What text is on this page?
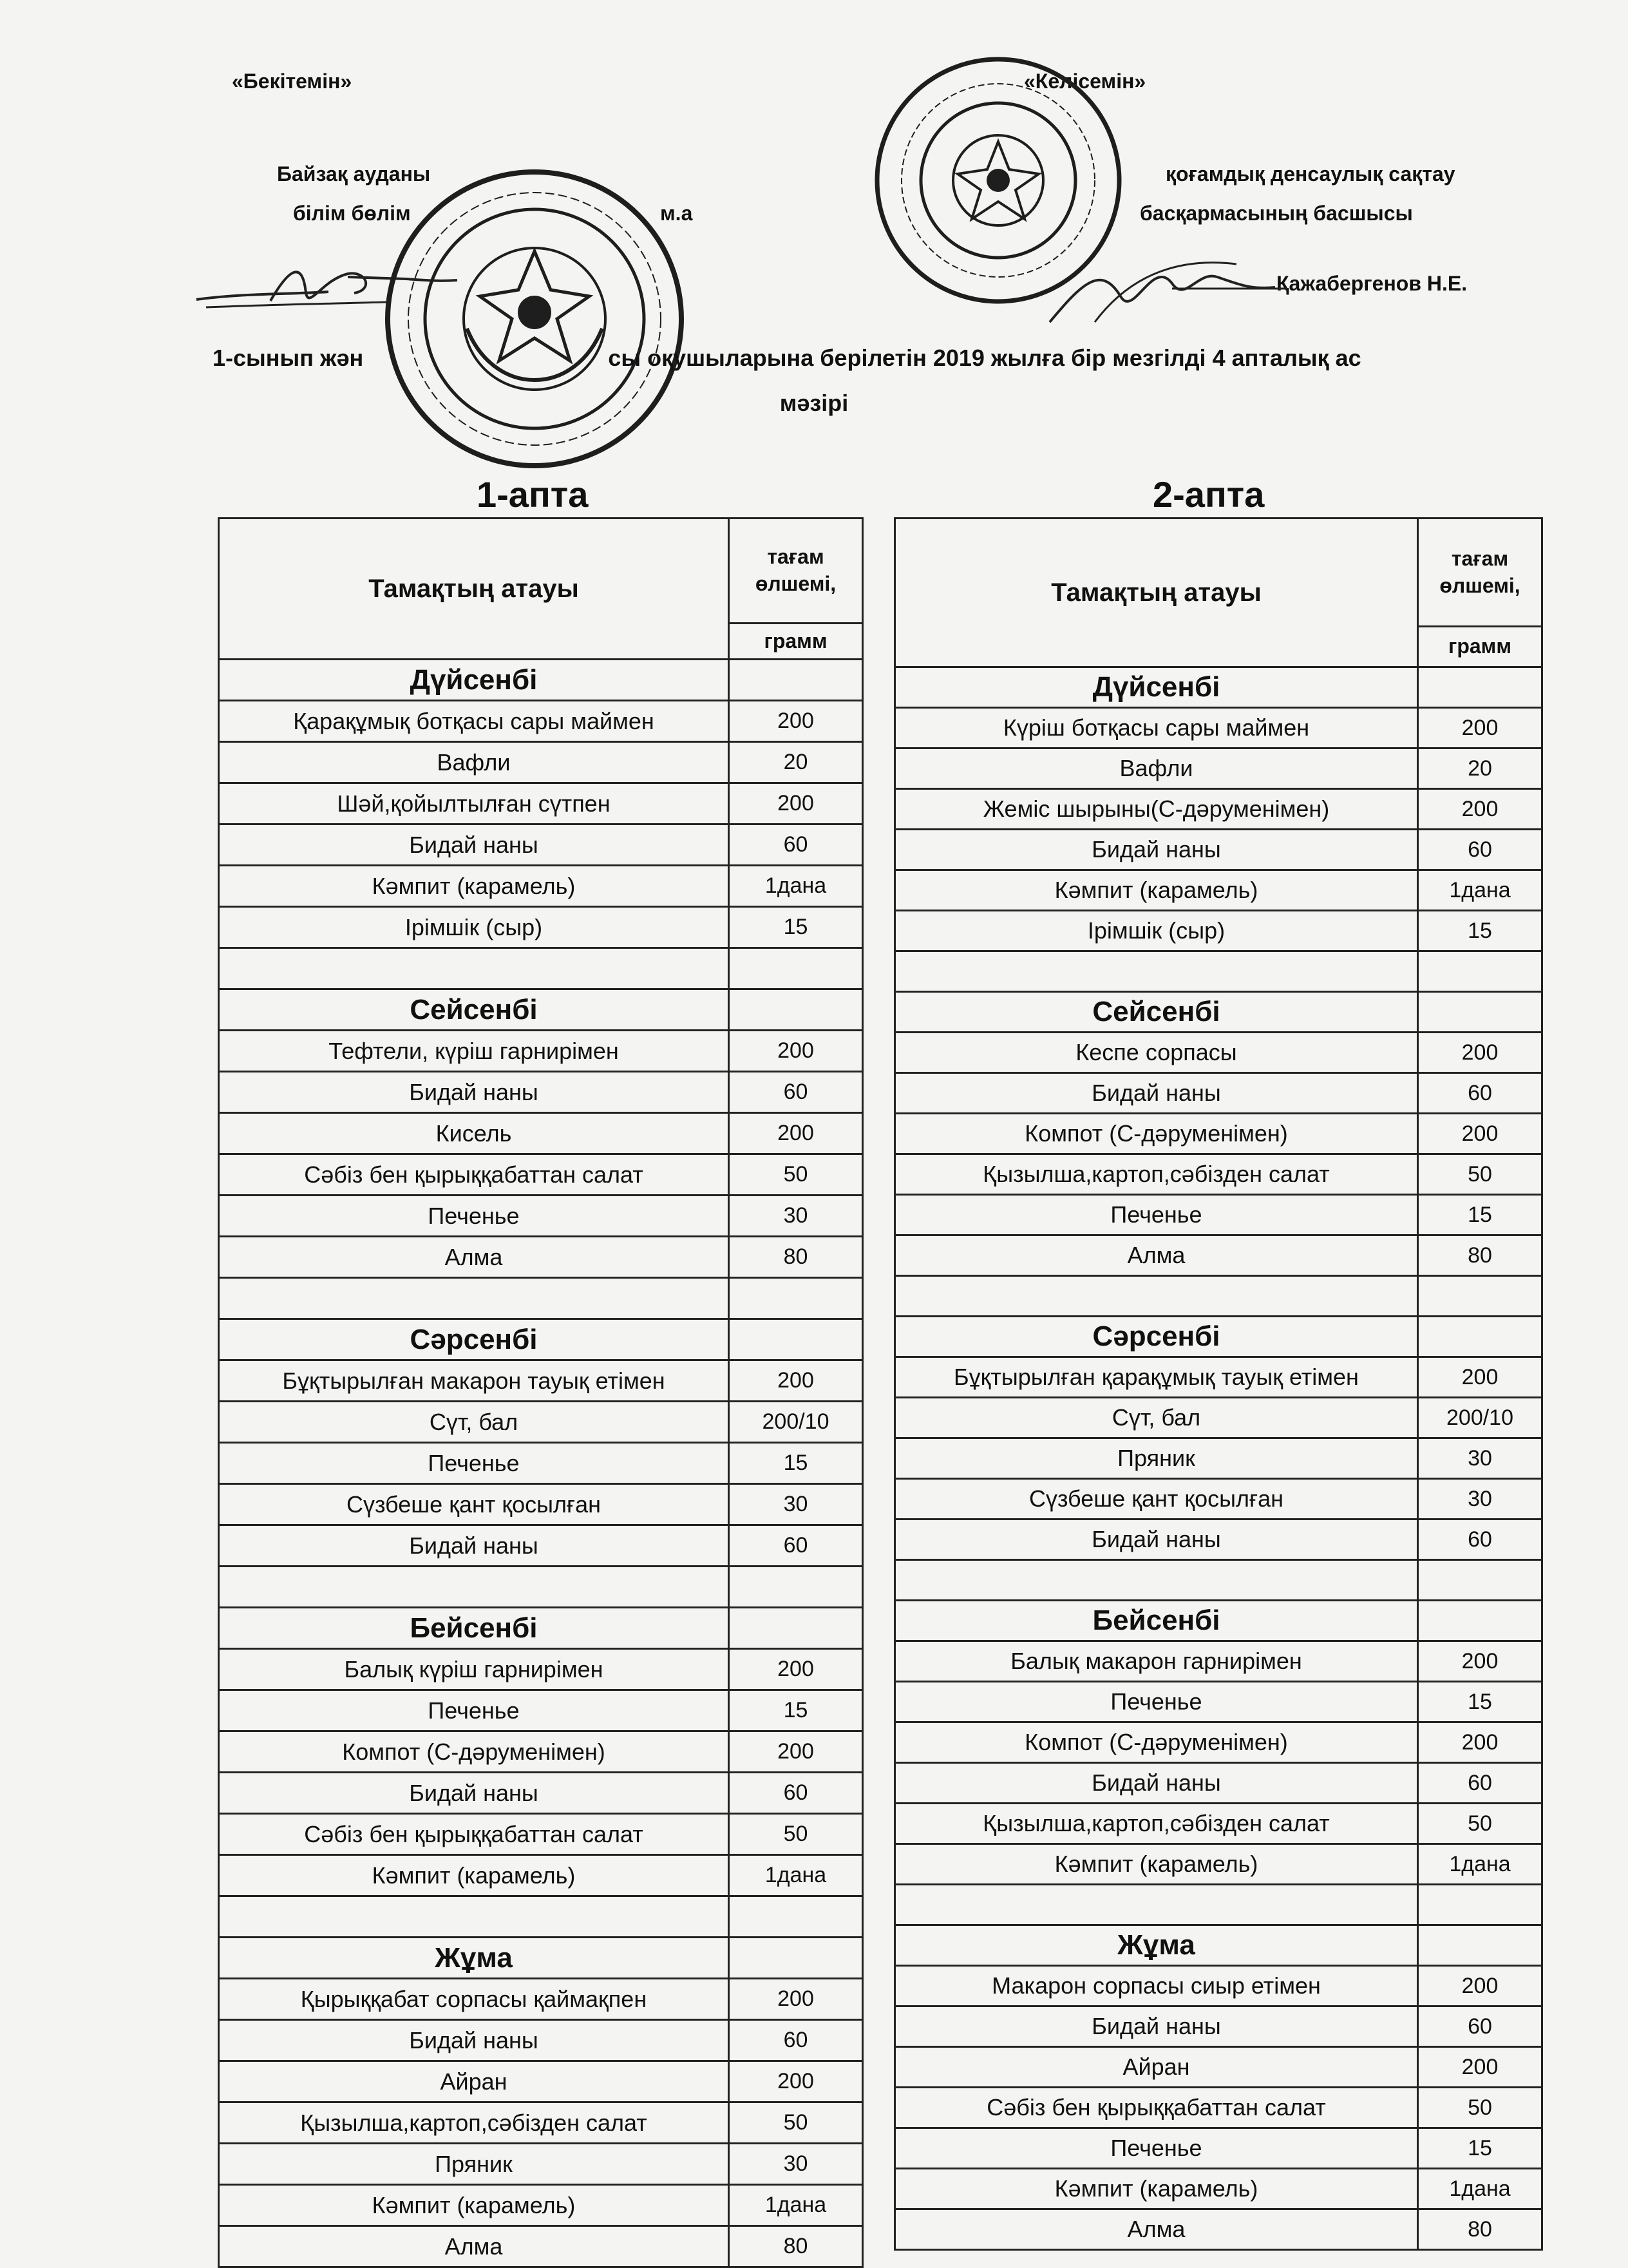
«Бекітемін»
Байзақ ауданы
білім бөлім	м.а
«Келісемін»
қоғамдық денсаулық сақтау
басқармасының басшысы
Қажабергенов Н.Е.
1-сынып жән	сы оқушыларына берілетін 2019 жылға бір мезгілді 4 апталық ас
мәзірі
1-апта	2-апта
Тамақтың атауы	тағам өлшемі,
	грамм
Дүйсенбі	
Қарақұмық ботқасы сары маймен	200
Вафли	20
Шәй,қойылтылған сүтпен	200
Бидай наны	60
Кәмпит (карамель)	1дана
Ірімшік (сыр)	15

Сейсенбі	
Тефтели, күріш гарнирімен	200
Бидай наны	60
Кисель	200
Сәбіз бен қырыққабаттан салат	50
Печенье	30
Алма	80

Сәрсенбі	
Бұқтырылған макарон тауық етімен	200
Сүт, бал	200/10
Печенье	15
Сүзбеше қант қосылған	30
Бидай наны	60

Бейсенбі	
Балық күріш гарнирімен	200
Печенье	15
Компот (С-дәруменімен)	200
Бидай наны	60
Сәбіз бен қырыққабаттан салат	50
Кәмпит (карамель)	1дана

Жұма	
Қырыққабат сорпасы қаймақпен	200
Бидай наны	60
Айран	200
Қызылша,картоп,сәбізден салат	50
Пряник	30
Кәмпит (карамель)	1дана
Алма	80
Тамақтың атауы	тағам өлшемі,
	грамм
Дүйсенбі	
Күріш ботқасы сары маймен	200
Вафли	20
Жеміс шырыны(С-дәруменімен)	200
Бидай наны	60
Кәмпит (карамель)	1дана
Ірімшік (сыр)	15

Сейсенбі	
Кеспе сорпасы	200
Бидай наны	60
Компот (С-дәруменімен)	200
Қызылша,картоп,сәбізден салат	50
Печенье	15
Алма	80

Сәрсенбі	
Бұқтырылған қарақұмық тауық етімен	200
Сүт, бал	200/10
Пряник	30
Сүзбеше қант қосылған	30
Бидай наны	60

Бейсенбі	
Балық макарон гарнирімен	200
Печенье	15
Компот (С-дәруменімен)	200
Бидай наны	60
Қызылша,картоп,сәбізден салат	50
Кәмпит (карамель)	1дана

Жұма	
Макарон сорпасы сиыр етімен	200
Бидай наны	60
Айран	200
Сәбіз бен қырыққабаттан салат	50
Печенье	15
Кәмпит (карамель)	1дана
Алма	80
